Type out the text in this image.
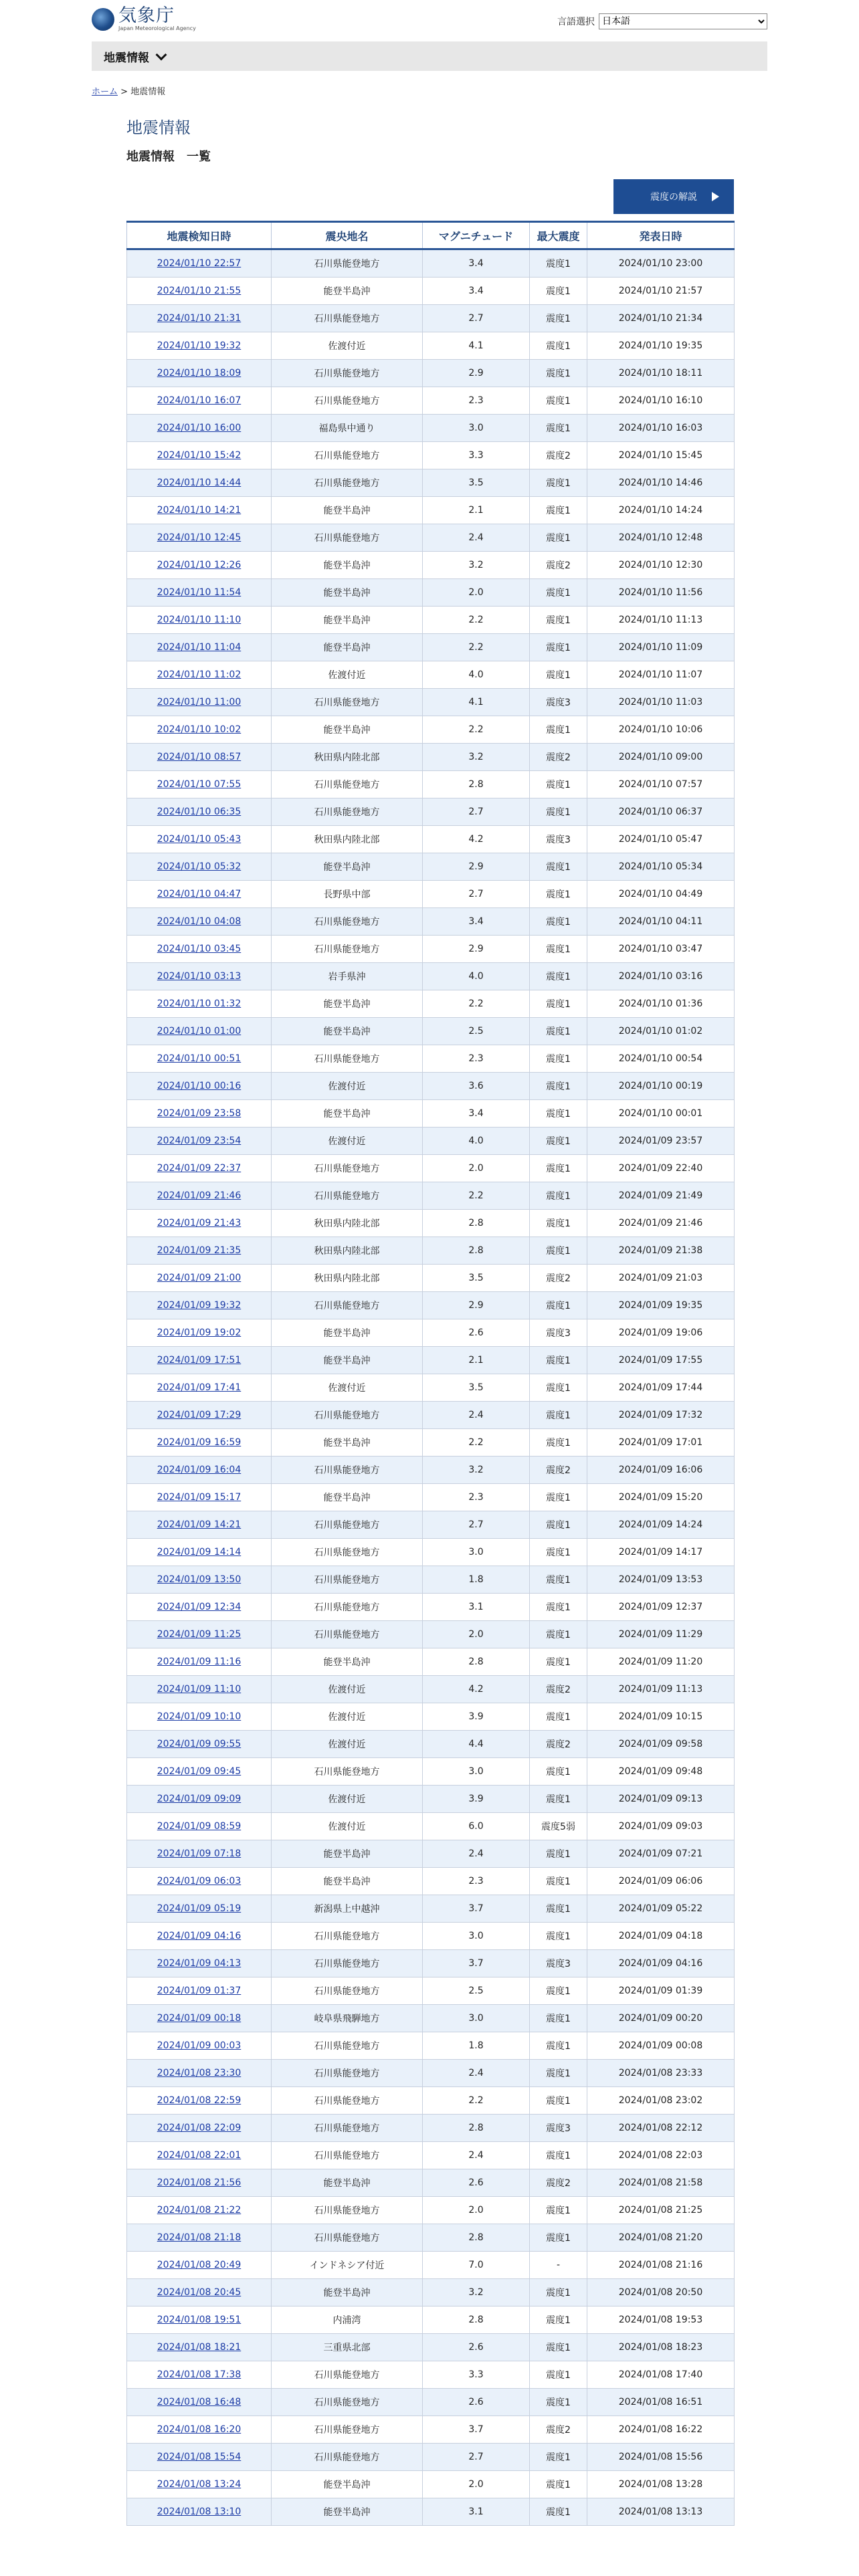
気象庁
Japan Meteorological Agency
言語選択
日本語
地震情報
ホーム > 地震情報
地震情報
地震情報　一覧
震度の解説
地震検知日時	震央地名	マグニチュード	最大震度	発表日時
2024/01/10 22:57	石川県能登地方	3.4	震度1	2024/01/10 23:00
2024/01/10 21:55	能登半島沖	3.4	震度1	2024/01/10 21:57
2024/01/10 21:31	石川県能登地方	2.7	震度1	2024/01/10 21:34
2024/01/10 19:32	佐渡付近	4.1	震度1	2024/01/10 19:35
2024/01/10 18:09	石川県能登地方	2.9	震度1	2024/01/10 18:11
2024/01/10 16:07	石川県能登地方	2.3	震度1	2024/01/10 16:10
2024/01/10 16:00	福島県中通り	3.0	震度1	2024/01/10 16:03
2024/01/10 15:42	石川県能登地方	3.3	震度2	2024/01/10 15:45
2024/01/10 14:44	石川県能登地方	3.5	震度1	2024/01/10 14:46
2024/01/10 14:21	能登半島沖	2.1	震度1	2024/01/10 14:24
2024/01/10 12:45	石川県能登地方	2.4	震度1	2024/01/10 12:48
2024/01/10 12:26	能登半島沖	3.2	震度2	2024/01/10 12:30
2024/01/10 11:54	能登半島沖	2.0	震度1	2024/01/10 11:56
2024/01/10 11:10	能登半島沖	2.2	震度1	2024/01/10 11:13
2024/01/10 11:04	能登半島沖	2.2	震度1	2024/01/10 11:09
2024/01/10 11:02	佐渡付近	4.0	震度1	2024/01/10 11:07
2024/01/10 11:00	石川県能登地方	4.1	震度3	2024/01/10 11:03
2024/01/10 10:02	能登半島沖	2.2	震度1	2024/01/10 10:06
2024/01/10 08:57	秋田県内陸北部	3.2	震度2	2024/01/10 09:00
2024/01/10 07:55	石川県能登地方	2.8	震度1	2024/01/10 07:57
2024/01/10 06:35	石川県能登地方	2.7	震度1	2024/01/10 06:37
2024/01/10 05:43	秋田県内陸北部	4.2	震度3	2024/01/10 05:47
2024/01/10 05:32	能登半島沖	2.9	震度1	2024/01/10 05:34
2024/01/10 04:47	長野県中部	2.7	震度1	2024/01/10 04:49
2024/01/10 04:08	石川県能登地方	3.4	震度1	2024/01/10 04:11
2024/01/10 03:45	石川県能登地方	2.9	震度1	2024/01/10 03:47
2024/01/10 03:13	岩手県沖	4.0	震度1	2024/01/10 03:16
2024/01/10 01:32	能登半島沖	2.2	震度1	2024/01/10 01:36
2024/01/10 01:00	能登半島沖	2.5	震度1	2024/01/10 01:02
2024/01/10 00:51	石川県能登地方	2.3	震度1	2024/01/10 00:54
2024/01/10 00:16	佐渡付近	3.6	震度1	2024/01/10 00:19
2024/01/09 23:58	能登半島沖	3.4	震度1	2024/01/10 00:01
2024/01/09 23:54	佐渡付近	4.0	震度1	2024/01/09 23:57
2024/01/09 22:37	石川県能登地方	2.0	震度1	2024/01/09 22:40
2024/01/09 21:46	石川県能登地方	2.2	震度1	2024/01/09 21:49
2024/01/09 21:43	秋田県内陸北部	2.8	震度1	2024/01/09 21:46
2024/01/09 21:35	秋田県内陸北部	2.8	震度1	2024/01/09 21:38
2024/01/09 21:00	秋田県内陸北部	3.5	震度2	2024/01/09 21:03
2024/01/09 19:32	石川県能登地方	2.9	震度1	2024/01/09 19:35
2024/01/09 19:02	能登半島沖	2.6	震度3	2024/01/09 19:06
2024/01/09 17:51	能登半島沖	2.1	震度1	2024/01/09 17:55
2024/01/09 17:41	佐渡付近	3.5	震度1	2024/01/09 17:44
2024/01/09 17:29	石川県能登地方	2.4	震度1	2024/01/09 17:32
2024/01/09 16:59	能登半島沖	2.2	震度1	2024/01/09 17:01
2024/01/09 16:04	石川県能登地方	3.2	震度2	2024/01/09 16:06
2024/01/09 15:17	能登半島沖	2.3	震度1	2024/01/09 15:20
2024/01/09 14:21	石川県能登地方	2.7	震度1	2024/01/09 14:24
2024/01/09 14:14	石川県能登地方	3.0	震度1	2024/01/09 14:17
2024/01/09 13:50	石川県能登地方	1.8	震度1	2024/01/09 13:53
2024/01/09 12:34	石川県能登地方	3.1	震度1	2024/01/09 12:37
2024/01/09 11:25	石川県能登地方	2.0	震度1	2024/01/09 11:29
2024/01/09 11:16	能登半島沖	2.8	震度1	2024/01/09 11:20
2024/01/09 11:10	佐渡付近	4.2	震度2	2024/01/09 11:13
2024/01/09 10:10	佐渡付近	3.9	震度1	2024/01/09 10:15
2024/01/09 09:55	佐渡付近	4.4	震度2	2024/01/09 09:58
2024/01/09 09:45	石川県能登地方	3.0	震度1	2024/01/09 09:48
2024/01/09 09:09	佐渡付近	3.9	震度1	2024/01/09 09:13
2024/01/09 08:59	佐渡付近	6.0	震度5弱	2024/01/09 09:03
2024/01/09 07:18	能登半島沖	2.4	震度1	2024/01/09 07:21
2024/01/09 06:03	能登半島沖	2.3	震度1	2024/01/09 06:06
2024/01/09 05:19	新潟県上中越沖	3.7	震度1	2024/01/09 05:22
2024/01/09 04:16	石川県能登地方	3.0	震度1	2024/01/09 04:18
2024/01/09 04:13	石川県能登地方	3.7	震度3	2024/01/09 04:16
2024/01/09 01:37	石川県能登地方	2.5	震度1	2024/01/09 01:39
2024/01/09 00:18	岐阜県飛騨地方	3.0	震度1	2024/01/09 00:20
2024/01/09 00:03	石川県能登地方	1.8	震度1	2024/01/09 00:08
2024/01/08 23:30	石川県能登地方	2.4	震度1	2024/01/08 23:33
2024/01/08 22:59	石川県能登地方	2.2	震度1	2024/01/08 23:02
2024/01/08 22:09	石川県能登地方	2.8	震度3	2024/01/08 22:12
2024/01/08 22:01	石川県能登地方	2.4	震度1	2024/01/08 22:03
2024/01/08 21:56	能登半島沖	2.6	震度2	2024/01/08 21:58
2024/01/08 21:22	石川県能登地方	2.0	震度1	2024/01/08 21:25
2024/01/08 21:18	石川県能登地方	2.8	震度1	2024/01/08 21:20
2024/01/08 20:49	インドネシア付近	7.0	-	2024/01/08 21:16
2024/01/08 20:45	能登半島沖	3.2	震度1	2024/01/08 20:50
2024/01/08 19:51	内浦湾	2.8	震度1	2024/01/08 19:53
2024/01/08 18:21	三重県北部	2.6	震度1	2024/01/08 18:23
2024/01/08 17:38	石川県能登地方	3.3	震度1	2024/01/08 17:40
2024/01/08 16:48	石川県能登地方	2.6	震度1	2024/01/08 16:51
2024/01/08 16:20	石川県能登地方	3.7	震度2	2024/01/08 16:22
2024/01/08 15:54	石川県能登地方	2.7	震度1	2024/01/08 15:56
2024/01/08 13:24	能登半島沖	2.0	震度1	2024/01/08 13:28
2024/01/08 13:10	能登半島沖	3.1	震度1	2024/01/08 13:13
